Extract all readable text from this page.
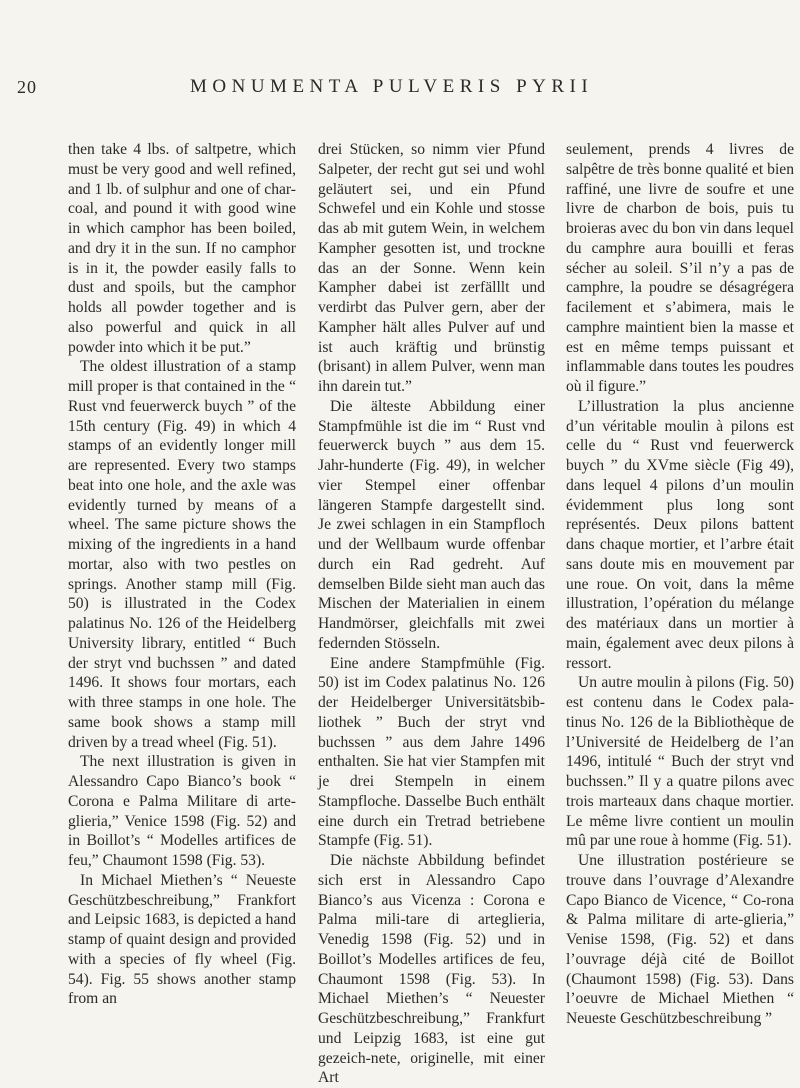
20	MONUMENTA PULVERIS PYRII

then take 4 lbs. of saltpetre, which must be very good and well refined, and 1 lb. of sulphur and one of char-coal, and pound it with good wine in which camphor has been boiled, and dry it in the sun. If no camphor is in it, the powder easily falls to dust and spoils, but the camphor holds all powder together and is also powerful and quick in all powder into which it be put.”

The oldest illustration of a stamp mill proper is that contained in the “ Rust vnd feuerwerck buych ” of the 15th century (Fig. 49) in which 4 stamps of an evidently longer mill are represented. Every two stamps beat into one hole, and the axle was evidently turned by means of a wheel. The same picture shows the mixing of the ingredients in a hand mortar, also with two pestles on springs. Another stamp mill (Fig. 50) is illustrated in the Codex palatinus No. 126 of the Heidelberg University library, entitled “ Buch der stryt vnd buchssen ” and dated 1496. It shows four mortars, each with three stamps in one hole. The same book shows a stamp mill driven by a tread wheel (Fig. 51).

The next illustration is given in Alessandro Capo Bianco’s book “ Corona e Palma Militare di arte-glieria,” Venice 1598 (Fig. 52) and in Boillot’s “ Modelles artifices de feu,” Chaumont 1598 (Fig. 53).

In Michael Miethen’s “ Neueste Geschützbeschreibung,” Frankfort and Leipsic 1683, is depicted a hand stamp of quaint design and provided with a species of fly wheel (Fig. 54). Fig. 55 shows another stamp from an

drei Stücken, so nimm vier Pfund Salpeter, der recht gut sei und wohl geläutert sei, und ein Pfund Schwefel und ein Kohle und stosse das ab mit gutem Wein, in welchem Kampher gesotten ist, und trockne das an der Sonne. Wenn kein Kampher dabei ist zerfälllt und verdirbt das Pulver gern, aber der Kampher hält alles Pulver auf und ist auch kräftig und brünstig (brisant) in allem Pulver, wenn man ihn darein tut.”

Die älteste Abbildung einer Stampfmühle ist die im “ Rust vnd feuerwerck buych ” aus dem 15. Jahr-hunderte (Fig. 49), in welcher vier Stempel einer offenbar längeren Stampfe dargestellt sind. Je zwei schlagen in ein Stampfloch und der Wellbaum wurde offenbar durch ein Rad gedreht. Auf demselben Bilde sieht man auch das Mischen der Materialien in einem Handmörser, gleichfalls mit zwei federnden Stösseln.

Eine andere Stampfmühle (Fig. 50) ist im Codex palatinus No. 126 der Heidelberger Universitätsbib-liothek ” Buch der stryt vnd buchssen ” aus dem Jahre 1496 enthalten. Sie hat vier Stampfen mit je drei Stempeln in einem Stampfloche. Dasselbe Buch enthält eine durch ein Tretrad betriebene Stampfe (Fig. 51).

Die nächste Abbildung befindet sich erst in Alessandro Capo Bianco’s aus Vicenza : Corona e Palma mili-tare di arteglieria, Venedig 1598 (Fig. 52) und in Boillot’s Modelles artifices de feu, Chaumont 1598 (Fig. 53). In Michael Miethen’s “ Neuester Geschützbeschreibung,” Frankfurt und Leipzig 1683, ist eine gut gezeich-nete, originelle, mit einer Art

seulement, prends 4 livres de salpêtre de très bonne qualité et bien raffiné, une livre de soufre et une livre de charbon de bois, puis tu broieras avec du bon vin dans lequel du camphre aura bouilli et feras sécher au soleil. S’il n’y a pas de camphre, la poudre se désagrégera facilement et s’abimera, mais le camphre maintient bien la masse et est en même temps puissant et inflammable dans toutes les poudres où il figure.”

L’illustration la plus ancienne d’un véritable moulin à pilons est celle du “ Rust vnd feuerwerck buych ” du XVme siècle (Fig 49), dans lequel 4 pilons d’un moulin évidemment plus long sont représentés. Deux pilons battent dans chaque mortier, et l’arbre était sans doute mis en mouvement par une roue. On voit, dans la même illustration, l’opération du mélange des matériaux dans un mortier à main, également avec deux pilons à ressort.

Un autre moulin à pilons (Fig. 50) est contenu dans le Codex pala-tinus No. 126 de la Bibliothèque de l’Université de Heidelberg de l’an 1496, intitulé “ Buch der stryt vnd buchssen.” Il y a quatre pilons avec trois marteaux dans chaque mortier. Le même livre contient un moulin mû par une roue à homme (Fig. 51).

Une illustration postérieure se trouve dans l’ouvrage d’Alexandre Capo Bianco de Vicence, “ Co-rona & Palma militare di arte-glieria,” Venise 1598, (Fig. 52) et dans l’ouvrage déjà cité de Boillot (Chaumont 1598) (Fig. 53). Dans l’oeuvre de Michael Miethen “ Neueste Geschützbeschreibung ”
